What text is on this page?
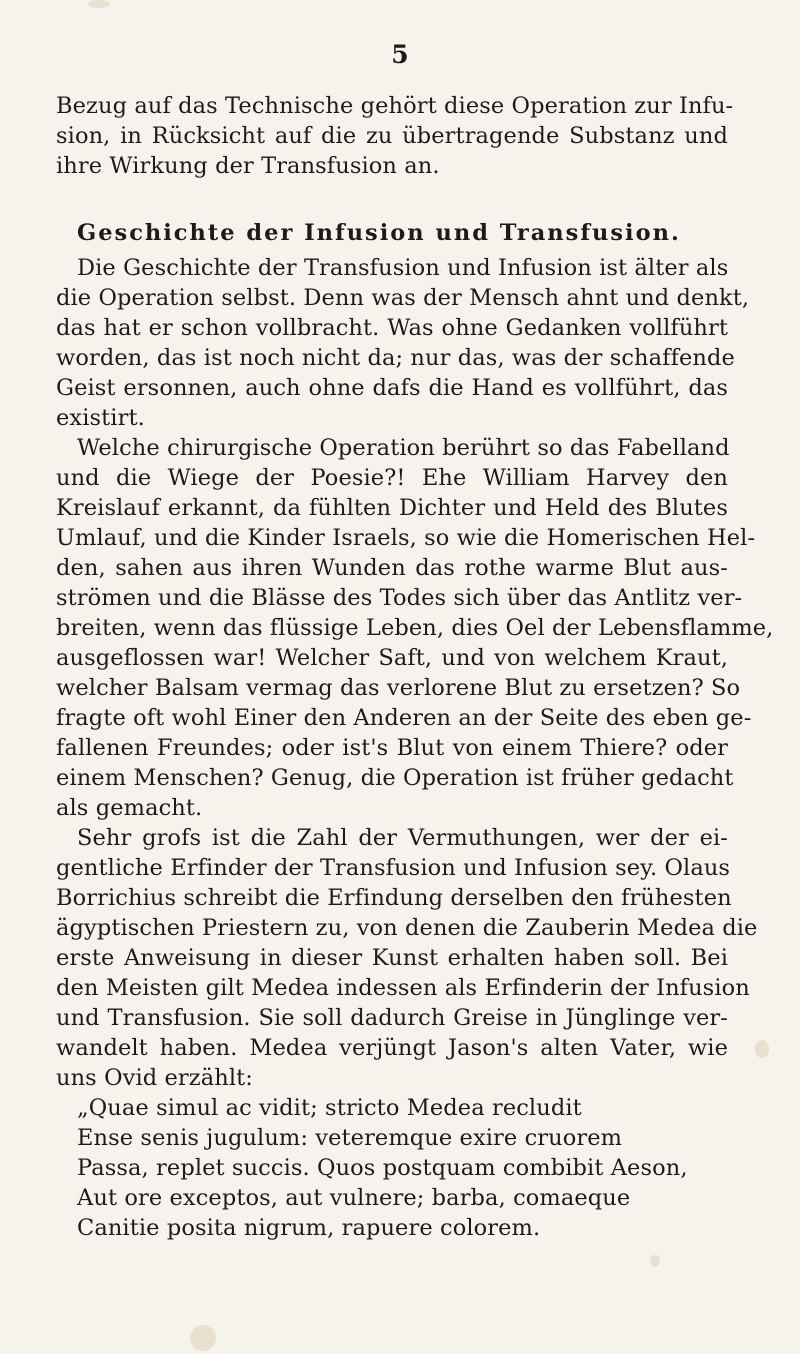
5
Bezug auf das Technische gehört diese Operation zur Infu-
sion, in Rücksicht auf die zu übertragende Substanz und
ihre Wirkung der Transfusion an.
Geschichte der Infusion und Transfusion.
Die Geschichte der Transfusion und Infusion ist älter als
die Operation selbst. Denn was der Mensch ahnt und denkt,
das hat er schon vollbracht. Was ohne Gedanken vollführt
worden, das ist noch nicht da; nur das, was der schaffende
Geist ersonnen, auch ohne dafs die Hand es vollführt, das
existirt.
Welche chirurgische Operation berührt so das Fabelland
und die Wiege der Poesie?! Ehe William Harvey den
Kreislauf erkannt, da fühlten Dichter und Held des Blutes
Umlauf, und die Kinder Israels, so wie die Homerischen Hel-
den, sahen aus ihren Wunden das rothe warme Blut aus-
strömen und die Blässe des Todes sich über das Antlitz ver-
breiten, wenn das flüssige Leben, dies Oel der Lebensflamme,
ausgeflossen war! Welcher Saft, und von welchem Kraut,
welcher Balsam vermag das verlorene Blut zu ersetzen? So
fragte oft wohl Einer den Anderen an der Seite des eben ge-
fallenen Freundes; oder ist's Blut von einem Thiere? oder
einem Menschen? Genug, die Operation ist früher gedacht
als gemacht.
Sehr grofs ist die Zahl der Vermuthungen, wer der ei-
gentliche Erfinder der Transfusion und Infusion sey. Olaus
Borrichius schreibt die Erfindung derselben den frühesten
ägyptischen Priestern zu, von denen die Zauberin Medea die
erste Anweisung in dieser Kunst erhalten haben soll. Bei
den Meisten gilt Medea indessen als Erfinderin der Infusion
und Transfusion. Sie soll dadurch Greise in Jünglinge ver-
wandelt haben. Medea verjüngt Jason's alten Vater, wie
uns Ovid erzählt:
„Quae simul ac vidit; stricto Medea recludit
Ense senis jugulum: veteremque exire cruorem
Passa, replet succis. Quos postquam combibit Aeson,
Aut ore exceptos, aut vulnere; barba, comaeque
Canitie posita nigrum, rapuere colorem.
